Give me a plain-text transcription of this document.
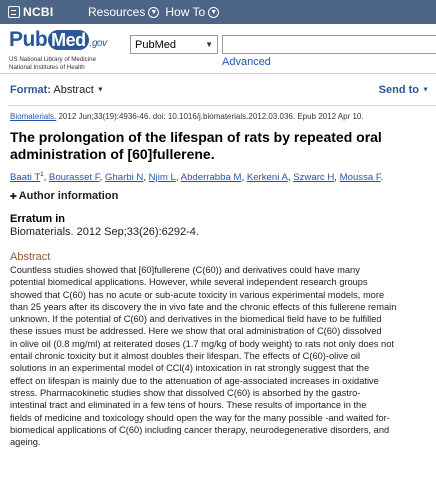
NCBI	Resources ▼ How To ▼
Pub Med .gov
US National Library of Medicine
National Institutes of Health
PubMed	▼
Advanced
Format: Abstract ▼	Send to ▼
Biomaterials. 2012 Jun;33(19):4936-46. doi: 10.1016/j.biomaterials.2012.03.036. Epub 2012 Apr 10.
The prolongation of the lifespan of rats by repeated oral administration of [60]fullerene.
Baati $T^1$, Bourasset F, Gharbi N, Njim L, Abderrabba M, Kerkeni A, Szwarc H, Moussa F.
✚ Author information
Erratum in
Biomaterials. 2012 Sep;33(26):6292-4.
Abstract
Countless studies showed that [60]fullerene (C(60)) and derivatives could have many
potential biomedical applications. However, while several independent research groups
showed that C(60) has no acute or sub-acute toxicity in various experimental models, more
than 25 years after its discovery the in vivo fate and the chronic effects of this fullerene remain
unknown. If the potential of C(60) and derivatives in the biomedical field have to be fulfilled
these issues must be addressed. Here we show that oral administration of C(60) dissolved
in olive oil (0.8 mg/ml) at reiterated doses (1.7 mg/kg of body weight) to rats not only does not
entail chronic toxicity but it almost doubles their lifespan. The effects of C(60)-olive oil
solutions in an experimental model of CCl(4) intoxication in rat strongly suggest that the
effect on lifespan is mainly due to the attenuation of age-associated increases in oxidative
stress. Pharmacokinetic studies show that dissolved C(60) is absorbed by the gastro-
intestinal tract and eliminated in a few tens of hours. These results of importance in the
fields of medicine and toxicology should open the way for the many possible -and waited for-
biomedical applications of C(60) including cancer therapy, neurodegenerative disorders, and
ageing.
